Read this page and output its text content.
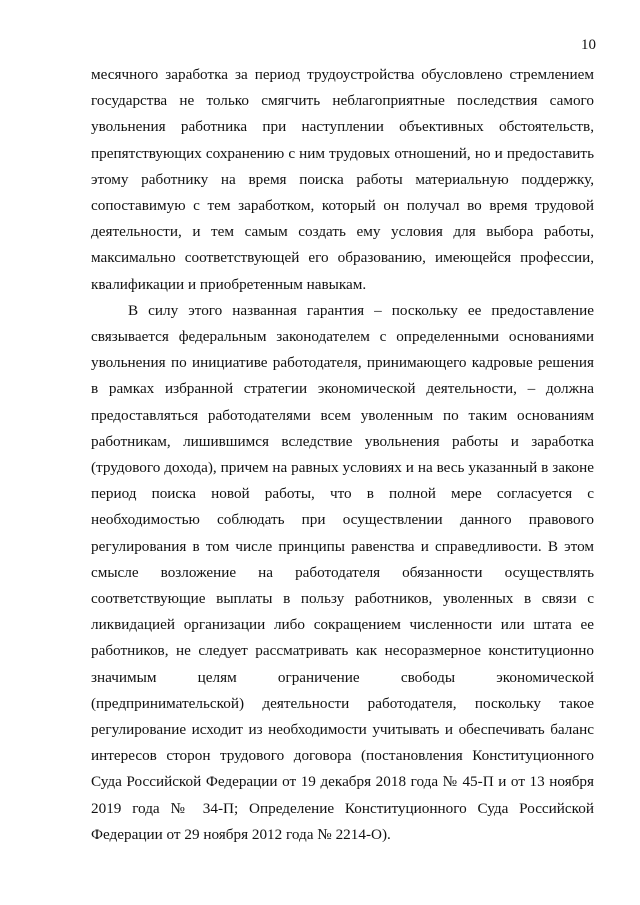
10

месячного заработка за период трудоустройства обусловлено стремлением государства не только смягчить неблагоприятные последствия самого увольнения работника при наступлении объективных обстоятельств, препятствующих сохранению с ним трудовых отношений, но и предоставить этому работнику на время поиска работы материальную поддержку, сопоставимую с тем заработком, который он получал во время трудовой деятельности, и тем самым создать ему условия для выбора работы, максимально соответствующей его образованию, имеющейся профессии, квалификации и приобретенным навыкам.

В силу этого названная гарантия – поскольку ее предоставление связывается федеральным законодателем с определенными основаниями увольнения по инициативе работодателя, принимающего кадровые решения в рамках избранной стратегии экономической деятельности, – должна предоставляться работодателями всем уволенным по таким основаниям работникам, лишившимся вследствие увольнения работы и заработка (трудового дохода), причем на равных условиях и на весь указанный в законе период поиска новой работы, что в полной мере согласуется с необходимостью соблюдать при осуществлении данного правового регулирования в том числе принципы равенства и справедливости. В этом смысле возложение на работодателя обязанности осуществлять соответствующие выплаты в пользу работников, уволенных в связи с ликвидацией организации либо сокращением численности или штата ее работников, не следует рассматривать как несоразмерное конституционно значимым целям ограничение свободы экономической (предпринимательской) деятельности работодателя, поскольку такое регулирование исходит из необходимости учитывать и обеспечивать баланс интересов сторон трудового договора (постановления Конституционного Суда Российской Федерации от 19 декабря 2018 года № 45-П и от 13 ноября 2019 года № 34-П; Определение Конституционного Суда Российской Федерации от 29 ноября 2012 года № 2214-О).
